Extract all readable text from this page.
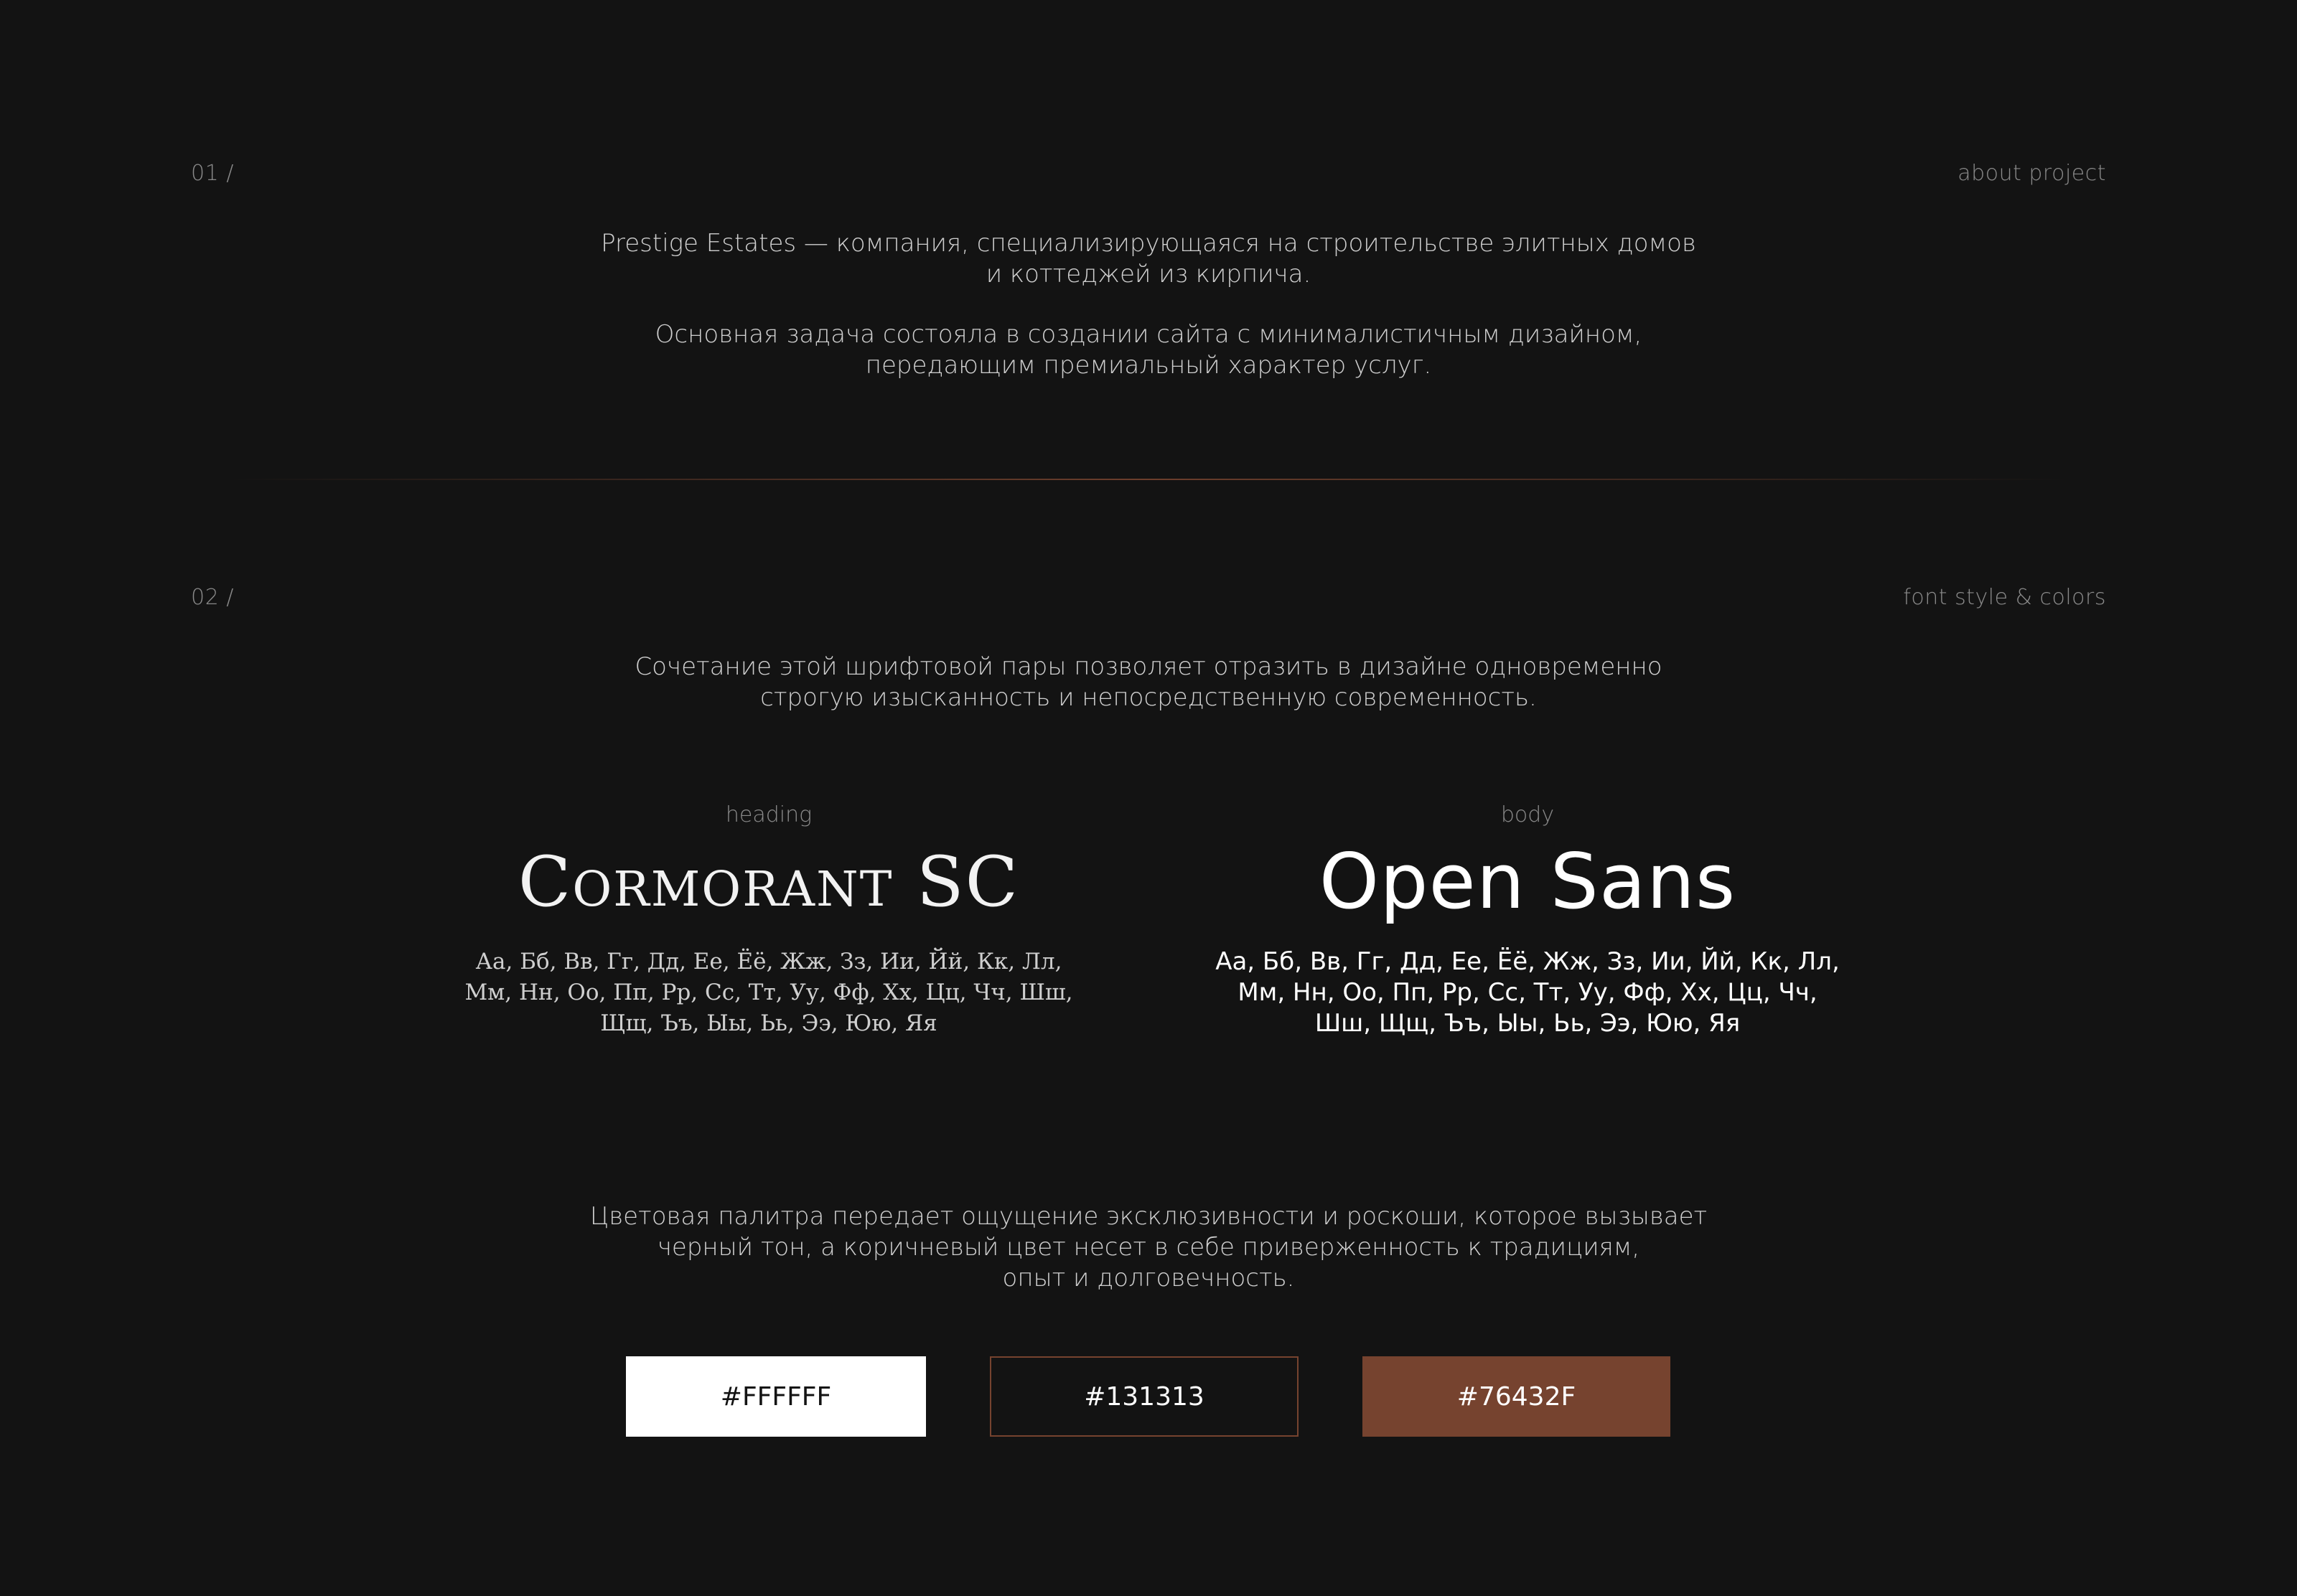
01 /	about project

Prestige Estates — компания, специализирующаяся на строительстве элитных домов

и коттеджей из кирпича.

Основная задача состояла в создании сайта с минималистичным дизайном,

передающим премиальный характер услуг.

02 /	font style & colors

Сочетание этой шрифтовой пары позволяет отразить в дизайне одновременно

строгую изысканность и непосредственную современность.

heading
Cormorant SC

Аа, Бб, Вв, Гг, Дд, Ее, Ёё, Жж, Зз, Ии, Йй, Кк, Лл,

Мм, Нн, Оо, Пп, Рр, Сс, Тт, Уу, Фф, Хх, Цц, Чч, Шш,

Щщ, Ъъ, Ыы, Ьь, Ээ, Юю, Яя

body
Open Sans

Аа, Бб, Вв, Гг, Дд, Ее, Ёё, Жж, Зз, Ии, Йй, Кк, Лл,

Мм, Нн, Оо, Пп, Рр, Сс, Тт, Уу, Фф, Хх, Цц, Чч,

Шш, Щщ, Ъъ, Ыы, Ьь, Ээ, Юю, Яя

Цветовая палитра передает ощущение эксклюзивности и роскоши, которое вызывает

черный тон, а коричневый цвет несет в себе приверженность к традициям,

опыт и долговечность.

#FFFFFF	#131313	#76432F
